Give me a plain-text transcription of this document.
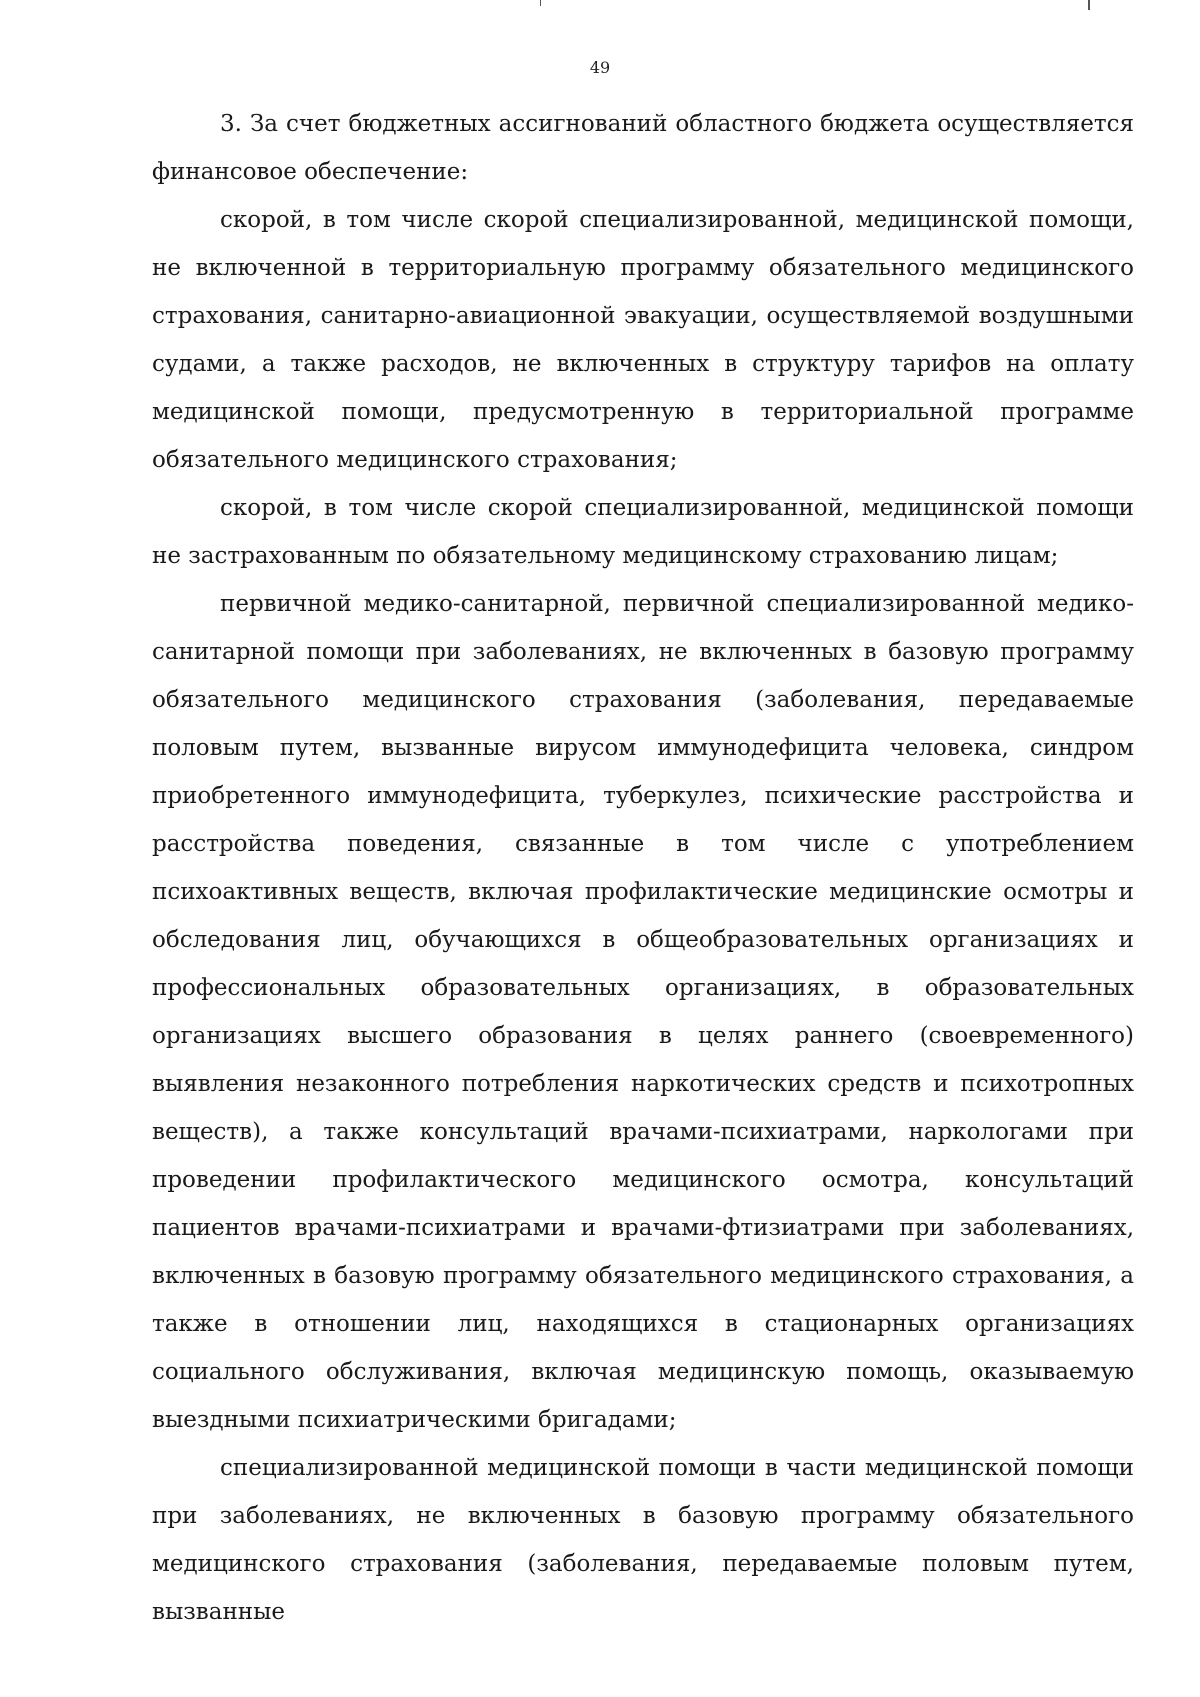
49

3. За счет бюджетных ассигнований областного бюджета осуществляется финансовое обеспечение:

скорой, в том числе скорой специализированной, медицинской помощи, не включенной в территориальную программу обязательного медицинского страхования, санитарно-авиационной эвакуации, осуществляемой воздушными судами, а также расходов, не включенных в структуру тарифов на оплату медицинской помощи, предусмотренную в территориальной программе обязательного медицинского страхования;

скорой, в том числе скорой специализированной, медицинской помощи не застрахованным по обязательному медицинскому страхованию лицам;

первичной медико-санитарной, первичной специализированной медико-санитарной помощи при заболеваниях, не включенных в базовую программу обязательного медицинского страхования (заболевания, передаваемые половым путем, вызванные вирусом иммунодефицита человека, синдром приобретенного иммунодефицита, туберкулез, психические расстройства и расстройства поведения, связанные в том числе с употреблением психоактивных веществ, включая профилактические медицинские осмотры и обследования лиц, обучающихся в общеобразовательных организациях и профессиональных образовательных организациях, в образовательных организациях высшего образования в целях раннего (своевременного) выявления незаконного потребления наркотических средств и психотропных веществ), а также консультаций врачами-психиатрами, наркологами при проведении профилактического медицинского осмотра, консультаций пациентов врачами-психиатрами и врачами-фтизиатрами при заболеваниях, включенных в базовую программу обязательного медицинского страхования, а также в отношении лиц, находящихся в стационарных организациях социального обслуживания, включая медицинскую помощь, оказываемую выездными психиатрическими бригадами;

специализированной медицинской помощи в части медицинской помощи при заболеваниях, не включенных в базовую программу обязательного медицинского страхования (заболевания, передаваемые половым путем, вызванные
